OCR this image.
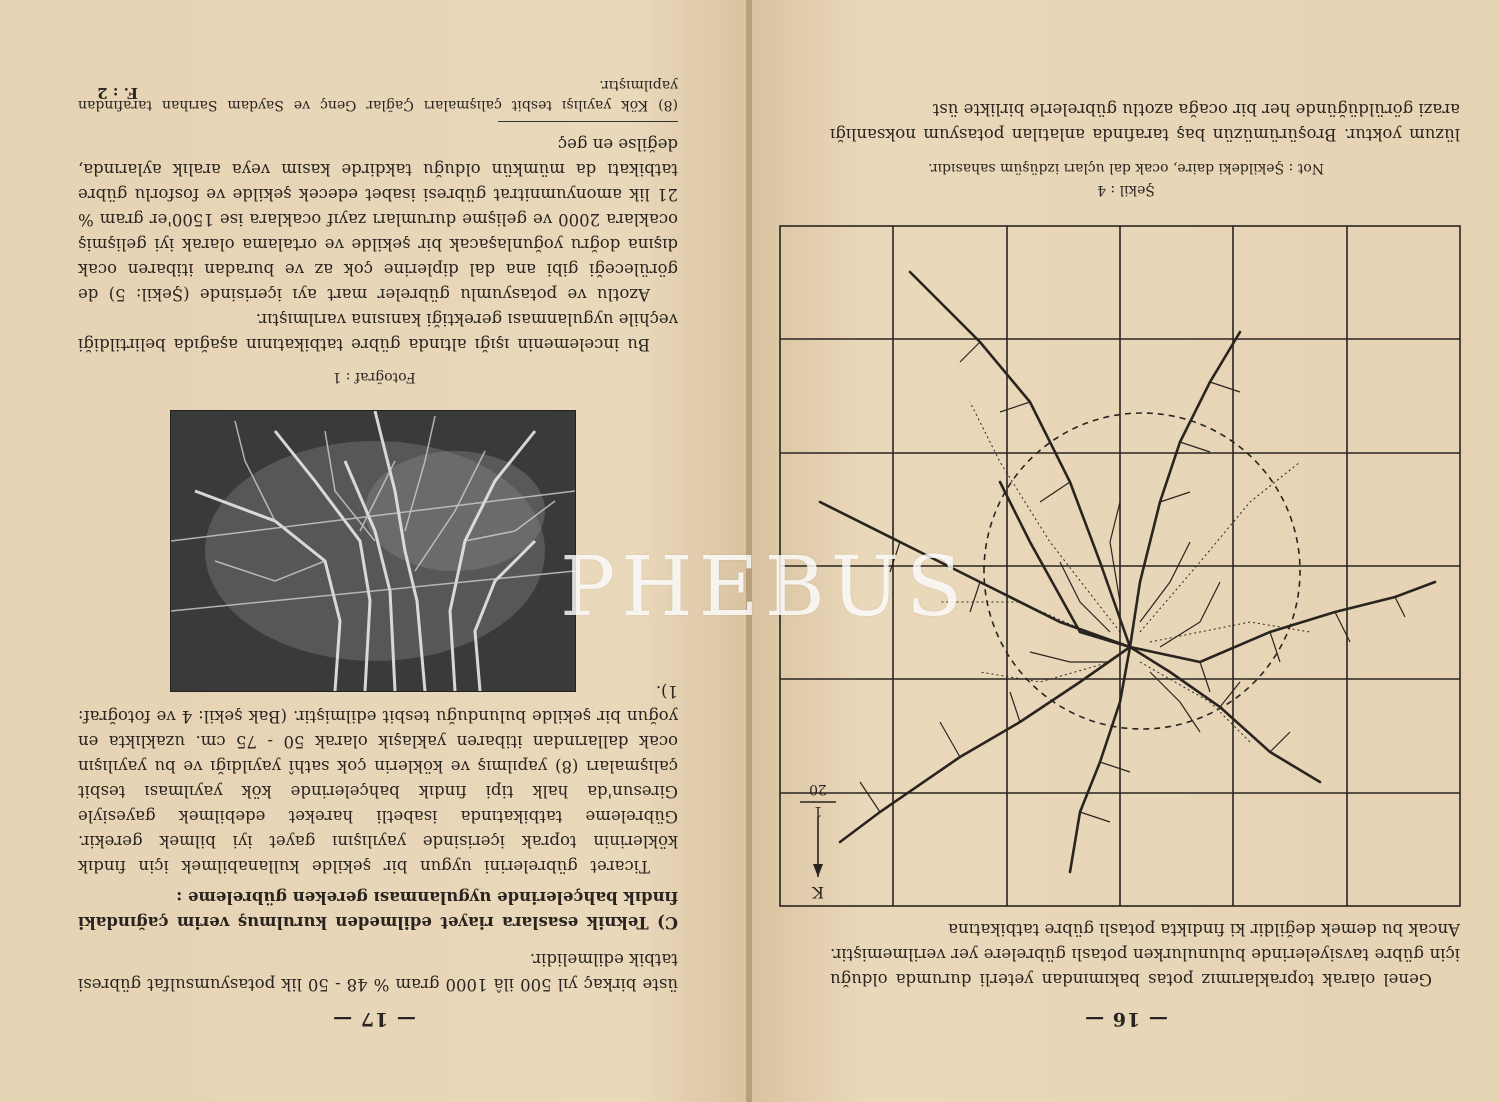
— 17 —

üste birkaç yıl 500 ilâ 1000 gram % 48 - 50 lik potasyumsulfat gübresi tatbik edilmelidir.

C) Teknik esaslara riayet edilmeden kurulmuş verim çağındaki fındık bahçelerinde uygulanması gereken gübreleme :

Ticaret gübrelerini uygun bir şekilde kullanabilmek için fındık köklerinin toprak içerisinde yayılışını gayet iyi bilmek gerekir. Gübreleme tatbikatında isabetli hareket edebilmek gayesiyle Giresun'da halk tipi fındık bahçelerinde kök yayılması tesbit çalışmaları (8) yapılmış ve köklerin çok sathî yayıldığı ve bu yayılışın ocak dallarından itibaren yaklaşık olarak 50 - 75 cm. uzaklıkta en yoğun bir şekilde bulunduğu tesbit edilmiştir. (Bak şekil: 4 ve fotoğraf: 1).

Fotoğraf : 1

Bu incelemenin ışığı altında gübre tatbikatının aşağıda belirtildiği veçhile uygulanması gerektiği kanısına varılmıştır.

Azotlu ve potasyumlu gübreler mart ayı içerisinde (Şekil: 5) de görüleceği gibi ana dal diplerine çok az ve buradan itibaren ocak dışına doğru yoğunlaşacak bir şekilde ve ortalama olarak iyi gelişmiş ocaklara 2000 ve gelişme durumları zayıf ocaklara ise 1500'er gram % 21 lik amonyumnitrat gübresi isabet edecek şekilde ve fosforlu gübre tatbikatı da mümkün olduğu takdirde kasım veya aralık aylarında, değilse en geç

(8) Kök yayılışı tesbit çalışmaları Çağlar Genç ve Saydam Sarıhan tarafından yapılmıştır.
F. : 2
— 16 —

Genel olarak topraklarımız potas bakımından yeterli durumda olduğu için gübre tavsiyelerinde bulunulurken potaslı gübrelere yer verilmemiştir. Ancak bu demek değildir ki fındıkta potaslı gübre tatbikatına

1
20
K
Şekil : 4
Not : Şekildeki daire, ocak dal uçları izdüşüm sahasıdır.

lüzum yoktur. Broşürümüzün baş tarafında anlatılan potasyum noksanlığı arazi görüldüğünde her bir ocağa azotlu gübrelerle birlikte üst

PHEBUS
